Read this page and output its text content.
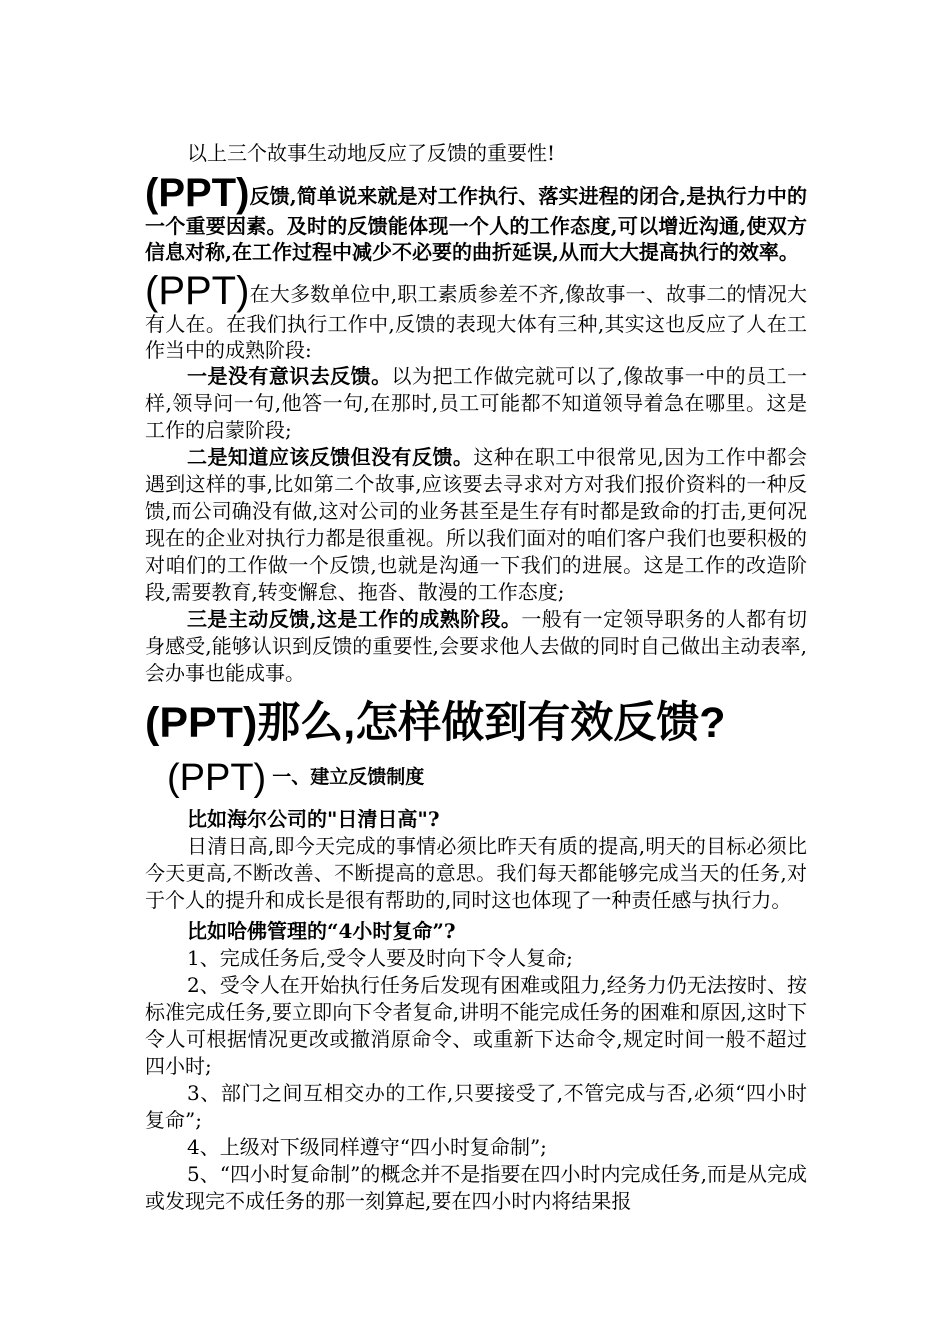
以上三个故事生动地反应了反馈的重要性!

(PPT)反馈,简单说来就是对工作执行、落实进程的闭合,是执行力中的一个重要因素。及时的反馈能体现一个人的工作态度,可以增近沟通,使双方信息对称,在工作过程中减少不必要的曲折延误,从而大大提高执行的效率。

(PPT)在大多数单位中,职工素质参差不齐,像故事一、故事二的情况大有人在。在我们执行工作中,反馈的表现大体有三种,其实这也反应了人在工作当中的成熟阶段:

一是没有意识去反馈。以为把工作做完就可以了,像故事一中的员工一样,领导问一句,他答一句,在那时,员工可能都不知道领导着急在哪里。这是工作的启蒙阶段;

二是知道应该反馈但没有反馈。这种在职工中很常见,因为工作中都会遇到这样的事,比如第二个故事,应该要去寻求对方对我们报价资料的一种反馈,而公司确没有做,这对公司的业务甚至是生存有时都是致命的打击,更何况现在的企业对执行力都是很重视。所以我们面对的咱们客户我们也要积极的对咱们的工作做一个反馈,也就是沟通一下我们的进展。这是工作的改造阶段,需要教育,转变懈怠、拖沓、散漫的工作态度;

三是主动反馈,这是工作的成熟阶段。一般有一定领导职务的人都有切身感受,能够认识到反馈的重要性,会要求他人去做的同时自己做出主动表率,会办事也能成事。

(PPT)那么,怎样做到有效反馈?
(PPT) 一、建立反馈制度

比如海尔公司的"日清日高"?

日清日高,即今天完成的事情必须比昨天有质的提高,明天的目标必须比今天更高,不断改善、不断提高的意思。我们每天都能够完成当天的任务,对于个人的提升和成长是很有帮助的,同时这也体现了一种责任感与执行力。

比如哈佛管理的“4小时复命”?

1、完成任务后,受令人要及时向下令人复命;

2、受令人在开始执行任务后发现有困难或阻力,经务力仍无法按时、按标准完成任务,要立即向下令者复命,讲明不能完成任务的困难和原因,这时下令人可根据情况更改或撤消原命令、或重新下达命令,规定时间一般不超过四小时;

3、部门之间互相交办的工作,只要接受了,不管完成与否,必须“四小时复命”;

4、上级对下级同样遵守“四小时复命制”;

5、“四小时复命制”的概念并不是指要在四小时内完成任务,而是从完成或发现完不成任务的那一刻算起,要在四小时内将结果报
